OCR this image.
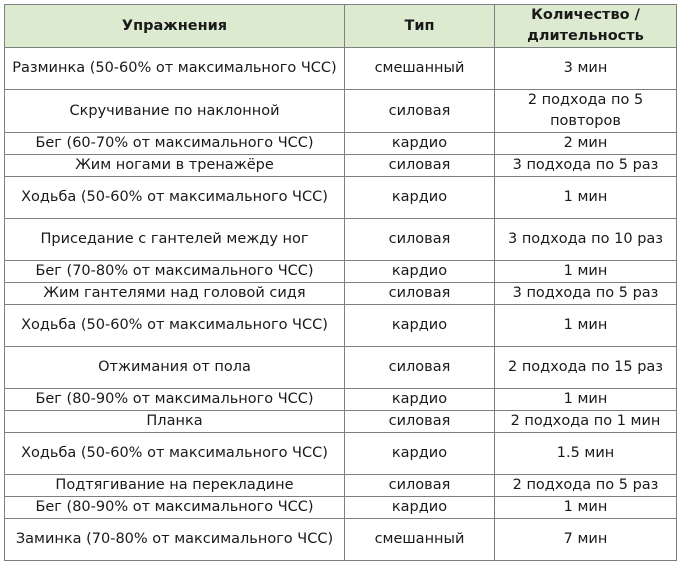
Упражнения	Тип	Количество / длительность
Разминка (50-60% от максимального ЧСС)	смешанный	3 мин
Скручивание по наклонной	силовая	2 подхода по 5 повторов
Бег (60-70% от максимального ЧСС)	кардио	2 мин
Жим ногами в тренажёре	силовая	3 подхода по 5 раз
Ходьба (50-60% от максимального ЧСС)	кардио	1 мин
Приседание с гантелей между ног	силовая	3 подхода по 10 раз
Бег (70-80% от максимального ЧСС)	кардио	1 мин
Жим гантелями над головой сидя	силовая	3 подхода по 5 раз
Ходьба (50-60% от максимального ЧСС)	кардио	1 мин
Отжимания от пола	силовая	2 подхода по 15 раз
Бег (80-90% от максимального ЧСС)	кардио	1 мин
Планка	силовая	2 подхода по 1 мин
Ходьба (50-60% от максимального ЧСС)	кардио	1.5 мин
Подтягивание на перекладине	силовая	2 подхода по 5 раз
Бег (80-90% от максимального ЧСС)	кардио	1 мин
Заминка (70-80% от максимального ЧСС)	смешанный	7 мин
